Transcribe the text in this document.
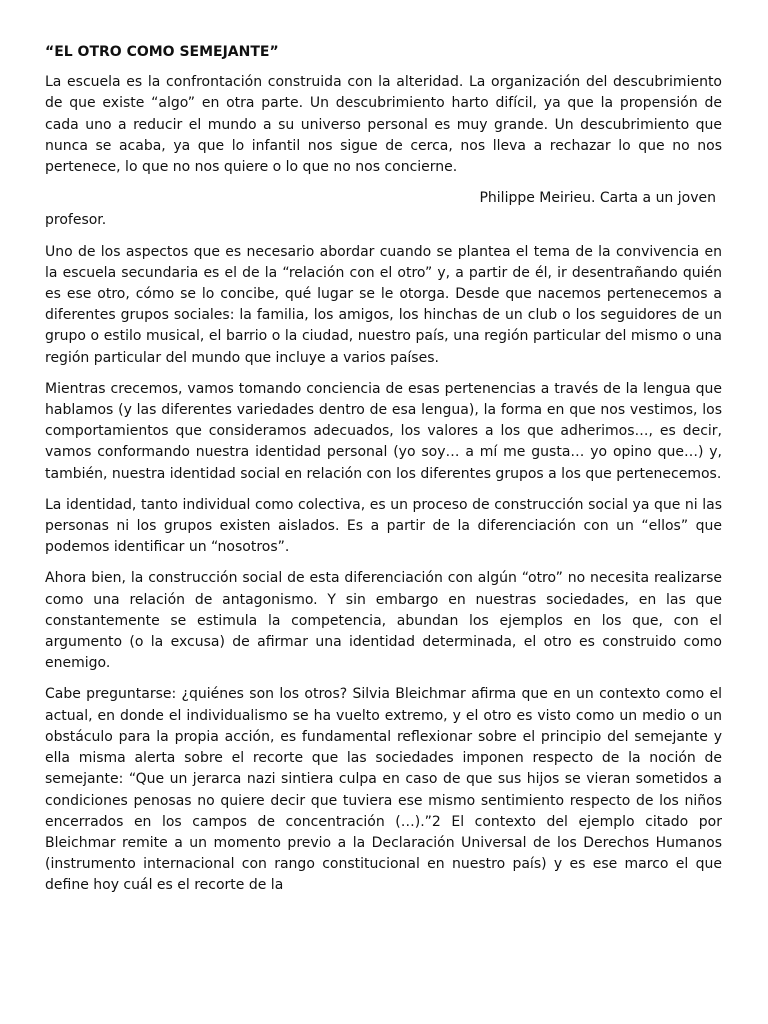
“EL OTRO COMO SEMEJANTE”

La escuela es la confrontación construida con la alteridad. La organización del descubrimiento de que existe “algo” en otra parte. Un descubrimiento harto difícil, ya que la propensión de cada uno a reducir el mundo a su universo personal es muy grande. Un descubrimiento que nunca se acaba, ya que lo infantil nos sigue de cerca, nos lleva a rechazar lo que no nos pertenece, lo que no nos quiere o lo que no nos concierne.

Philippe Meirieu. Carta a un joven
profesor.

Uno de los aspectos que es necesario abordar cuando se plantea el tema de la convivencia en la escuela secundaria es el de la “relación con el otro” y, a partir de él, ir desentrañando quién es ese otro, cómo se lo concibe, qué lugar se le otorga. Desde que nacemos pertenecemos a diferentes grupos sociales: la familia, los amigos, los hinchas de un club o los seguidores de un grupo o estilo musical, el barrio o la ciudad, nuestro país, una región particular del mismo o una región particular del mundo que incluye a varios países.

Mientras crecemos, vamos tomando conciencia de esas pertenencias a través de la lengua que hablamos (y las diferentes variedades dentro de esa lengua), la forma en que nos vestimos, los comportamientos que consideramos adecuados, los valores a los que adherimos…, es decir, vamos conformando nuestra identidad personal (yo soy… a mí me gusta… yo opino que…) y, también, nuestra identidad social en relación con los diferentes grupos a los que pertenecemos.

La identidad, tanto individual como colectiva, es un proceso de construcción social ya que ni las personas ni los grupos existen aislados. Es a partir de la diferenciación con un “ellos” que podemos identificar un “nosotros”.

Ahora bien, la construcción social de esta diferenciación con algún “otro” no necesita realizarse como una relación de antagonismo. Y sin embargo en nuestras sociedades, en las que constantemente se estimula la competencia, abundan los ejemplos en los que, con el argumento (o la excusa) de afirmar una identidad determinada, el otro es construido como enemigo.

Cabe preguntarse: ¿quiénes son los otros? Silvia Bleichmar afirma que en un contexto como el actual, en donde el individualismo se ha vuelto extremo, y el otro es visto como un medio o un obstáculo para la propia acción, es fundamental reflexionar sobre el principio del semejante y ella misma alerta sobre el recorte que las sociedades imponen respecto de la noción de semejante: “Que un jerarca nazi sintiera culpa en caso de que sus hijos se vieran sometidos a condiciones penosas no quiere decir que tuviera ese mismo sentimiento respecto de los niños encerrados en los campos de concentración (…).”2 El contexto del ejemplo citado por Bleichmar remite a un momento previo a la Declaración Universal de los Derechos Humanos (instrumento internacional con rango constitucional en nuestro país) y es ese marco el que define hoy cuál es el recorte de la
